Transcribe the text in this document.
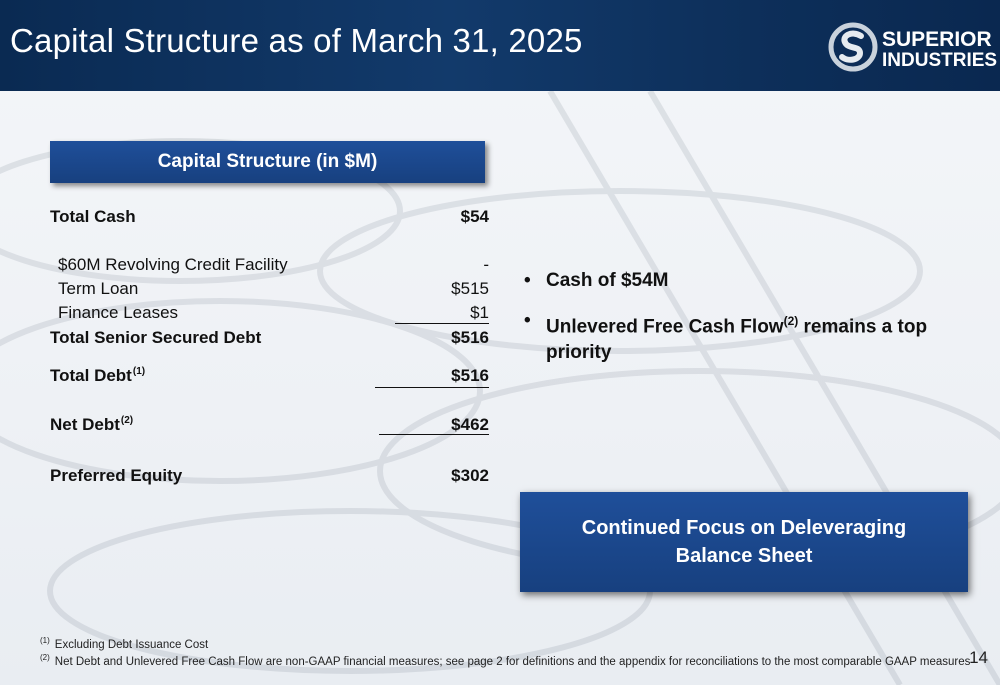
Capital Structure as of March 31, 2025	SUPERIOR
INDUSTRIES
Capital Structure (in $M)
Total Cash	$54
$60M Revolving Credit Facility	-
Term Loan	$515
Finance Leases	$1
Total Senior Secured Debt	$516
Total Debt$^{(1)}$	$516
Net Debt$^{(2)}$	$462
Preferred Equity	$302
• Cash of $54M
• Unlevered Free Cash Flow$^{(2)}$ remains a top priority
Continued Focus on Deleveraging
Balance Sheet
$^{(1)}$ Excluding Debt Issuance Cost
$^{(2)}$ Net Debt and Unlevered Free Cash Flow are non-GAAP financial measures; see page 2 for definitions and the appendix for reconciliations to the most comparable GAAP measures
14
